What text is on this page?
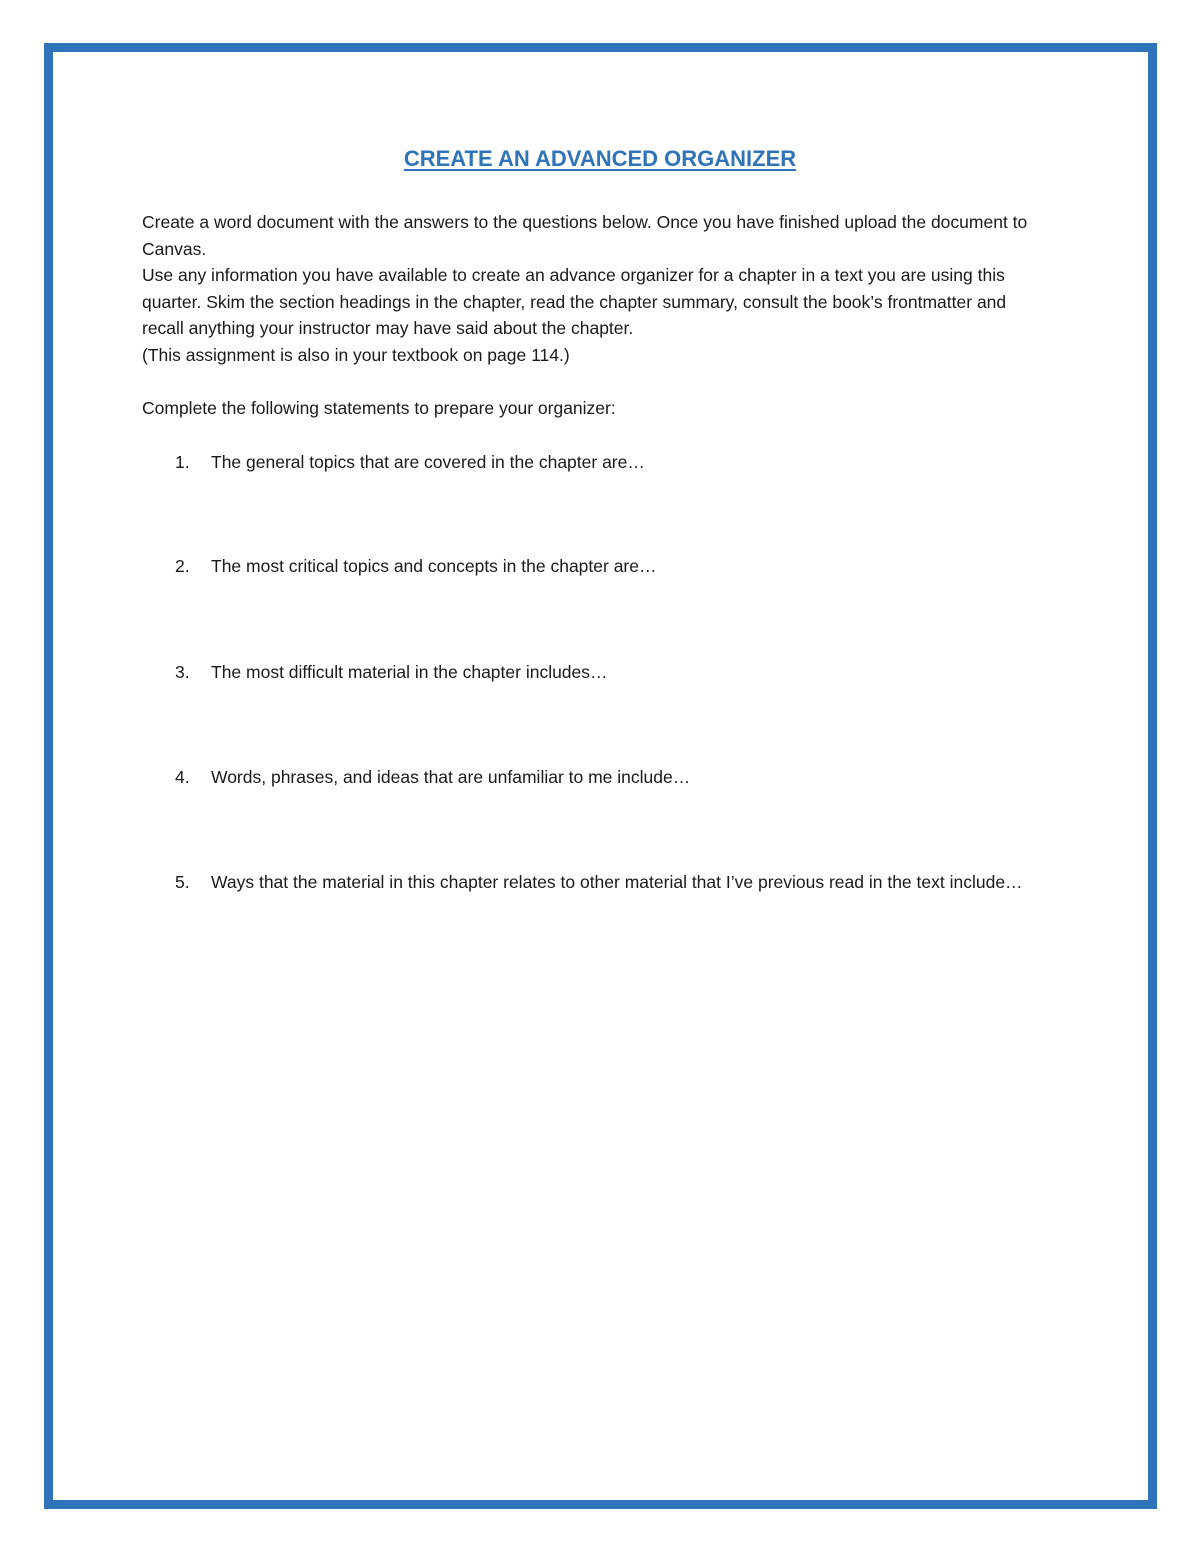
CREATE AN ADVANCED ORGANIZER

Create a word document with the answers to the questions below. Once you have finished upload the document to Canvas.

Use any information you have available to create an advance organizer for a chapter in a text you are using this quarter. Skim the section headings in the chapter, read the chapter summary, consult the book’s frontmatter and recall anything your instructor may have said about the chapter.

(This assignment is also in your textbook on page 114.)

Complete the following statements to prepare your organizer:

1. The general topics that are covered in the chapter are…
2. The most critical topics and concepts in the chapter are…
3. The most difficult material in the chapter includes…
4. Words, phrases, and ideas that are unfamiliar to me include…
5. Ways that the material in this chapter relates to other material that I’ve previous read in the text include…
